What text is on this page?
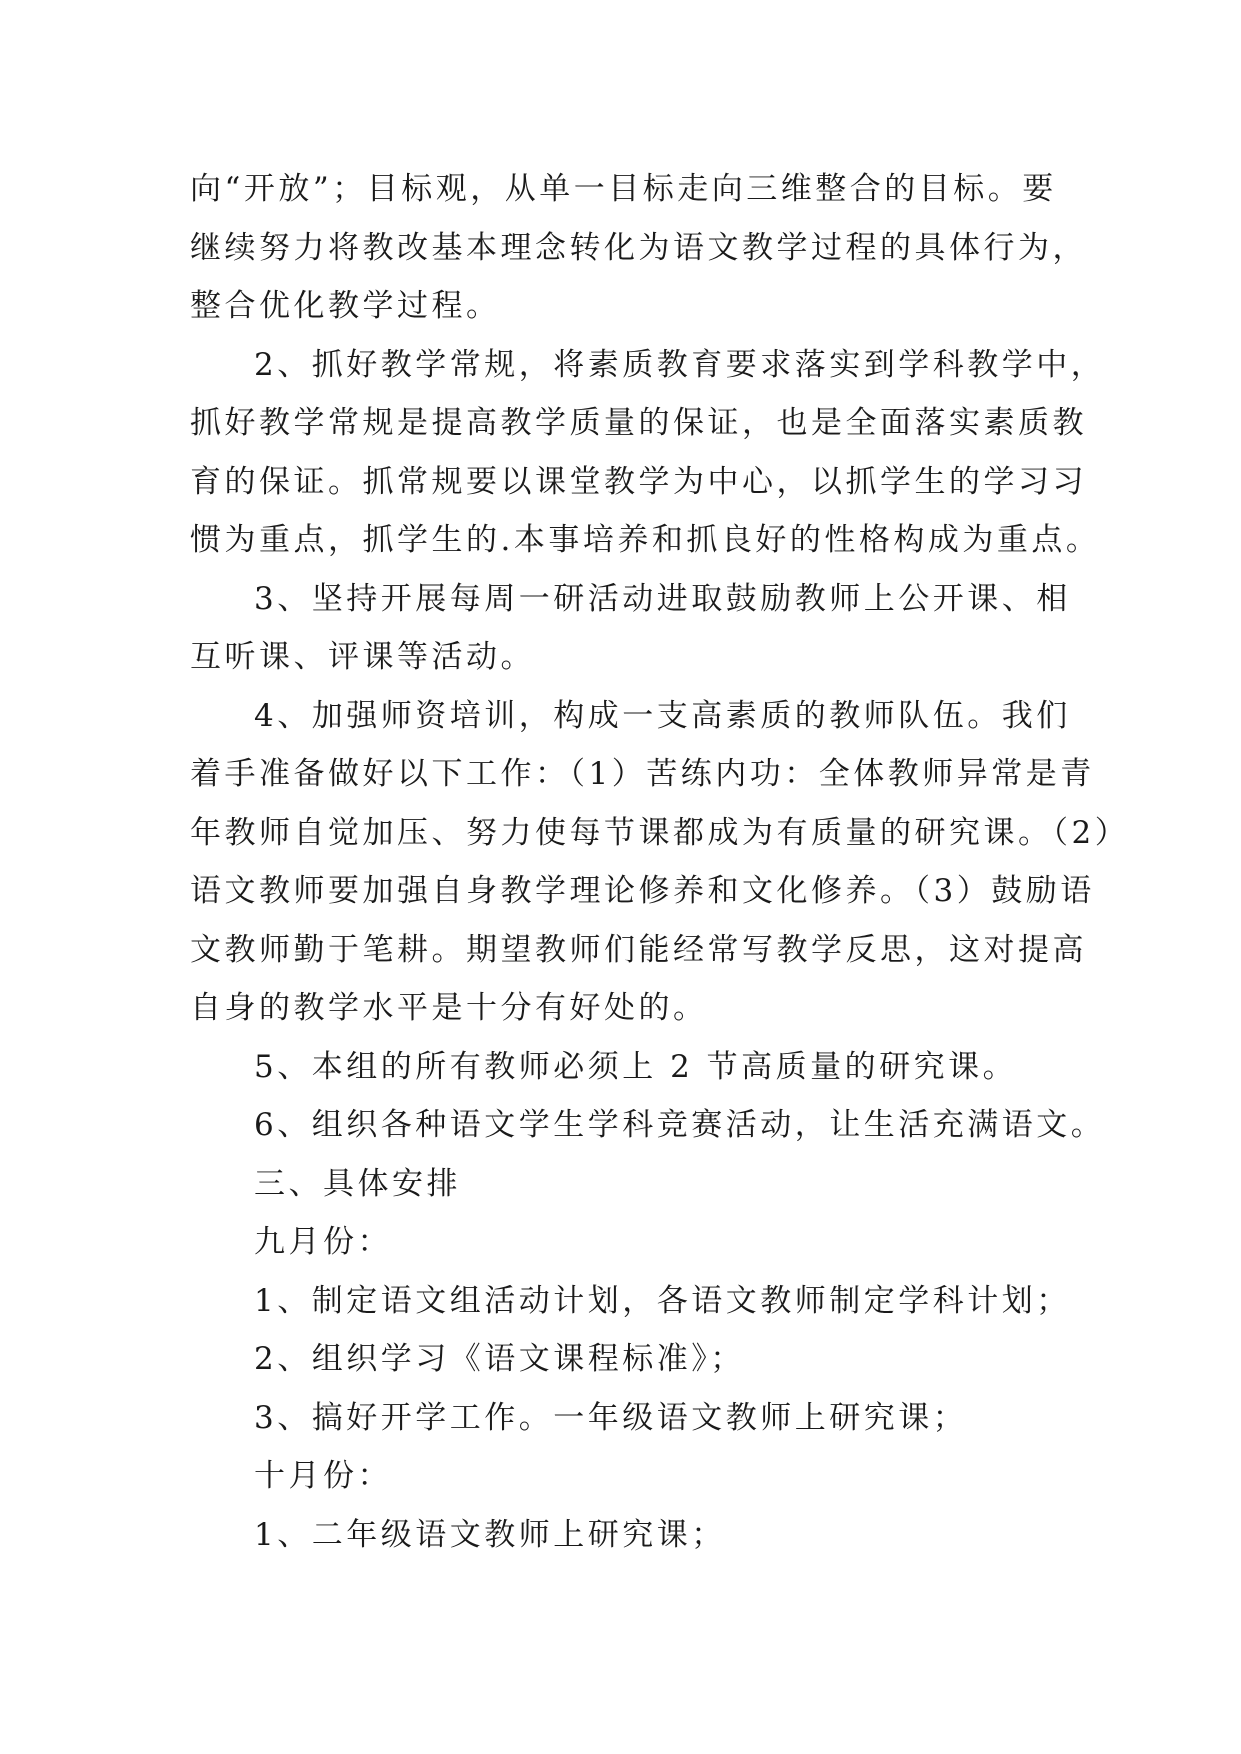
向“开放”；目标观，从单一目标走向三维整合的目标。要
继续努力将教改基本理念转化为语文教学过程的具体行为，
整合优化教学过程。
2、抓好教学常规，将素质教育要求落实到学科教学中，
抓好教学常规是提高教学质量的保证，也是全面落实素质教
育的保证。抓常规要以课堂教学为中心，以抓学生的学习习
惯为重点，抓学生的.本事培养和抓良好的性格构成为重点。
3、坚持开展每周一研活动进取鼓励教师上公开课、相
互听课、评课等活动。
4、加强师资培训，构成一支高素质的教师队伍。我们
着手准备做好以下工作：（1）苦练内功：全体教师异常是青
年教师自觉加压、努力使每节课都成为有质量的研究课。（2）
语文教师要加强自身教学理论修养和文化修养。（3）鼓励语
文教师勤于笔耕。期望教师们能经常写教学反思，这对提高
自身的教学水平是十分有好处的。
5、本组的所有教师必须上 2 节高质量的研究课。
6、组织各种语文学生学科竞赛活动，让生活充满语文。
三、具体安排
九月份：
1、制定语文组活动计划，各语文教师制定学科计划；
2、组织学习《语文课程标准》；
3、搞好开学工作。一年级语文教师上研究课；
十月份：
1、二年级语文教师上研究课；
